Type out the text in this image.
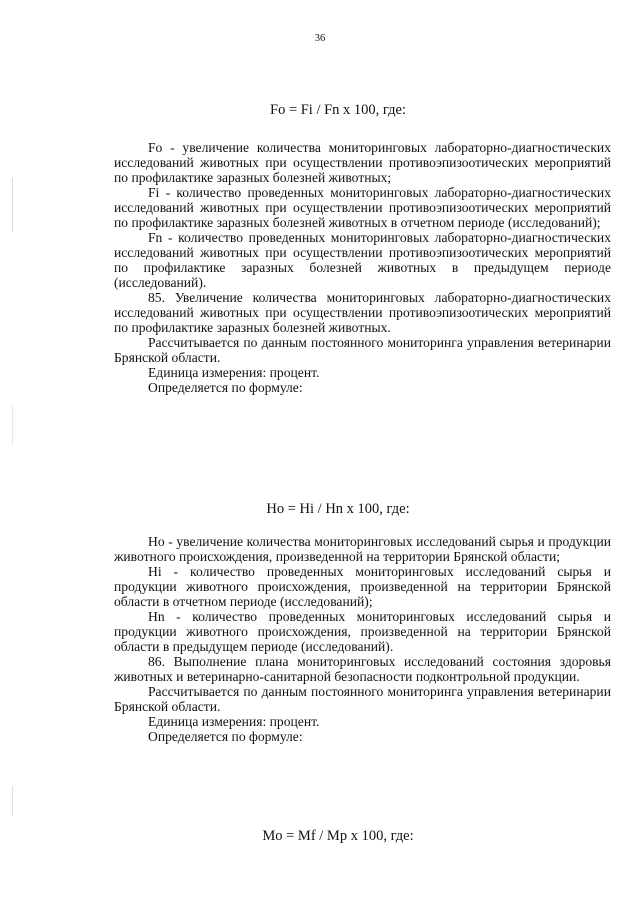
36
Fo = Fi / Fn x 100, где:

Fo - увеличение количества мониторинговых лабораторно-диагностических исследований животных при осуществлении противоэпизоотических мероприятий по профилактике заразных болезней животных;

Fi - количество проведенных мониторинговых лабораторно-диагностических исследований животных при осуществлении противоэпизоотических мероприятий по профилактике заразных болезней животных в отчетном периоде (исследований);

Fn - количество проведенных мониторинговых лабораторно-диагностических исследований животных при осуществлении противоэпизоотических мероприятий по профилактике заразных болезней животных в предыдущем периоде (исследований).

85. Увеличение количества мониторинговых лабораторно-диагностических исследований животных при осуществлении противоэпизоотических мероприятий по профилактике заразных болезней животных.

Рассчитывается по данным постоянного мониторинга управления ветеринарии Брянской области.

Единица измерения: процент.

Определяется по формуле:

Ho = Hi / Hn x 100, где:

Ho - увеличение количества мониторинговых исследований сырья и продукции животного происхождения, произведенной на территории Брянской области;

Hi - количество проведенных мониторинговых исследований сырья и продукции животного происхождения, произведенной на территории Брянской области в отчетном периоде (исследований);

Hn - количество проведенных мониторинговых исследований сырья и продукции животного происхождения, произведенной на территории Брянской области в предыдущем периоде (исследований).

86. Выполнение плана мониторинговых исследований состояния здоровья животных и ветеринарно-санитарной безопасности подконтрольной продукции.

Рассчитывается по данным постоянного мониторинга управления ветеринарии Брянской области.

Единица измерения: процент.

Определяется по формуле:

Mo = Mf / Mp x 100, где:
